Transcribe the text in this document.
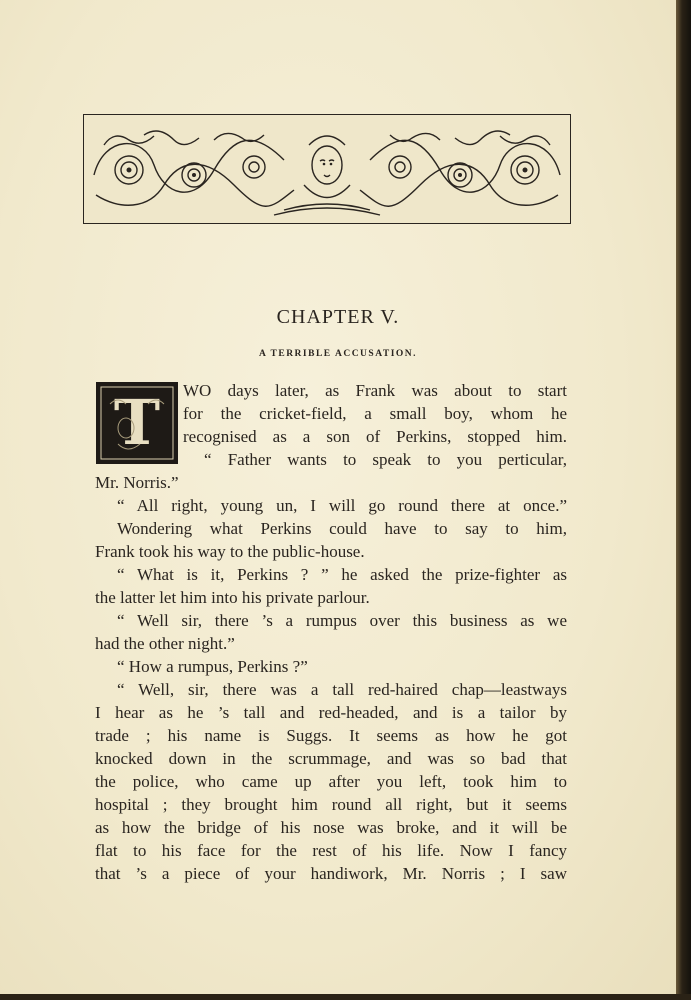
CHAPTER V.
A TERRIBLE ACCUSATION.
T WO days later, as Frank was about to start
for the cricket-field, a small boy, whom he
recognised as a son of Perkins, stopped him.
“ Father wants to speak to you perticular,
Mr. Norris.”
“ All right, young un, I will go round there at once.”
Wondering what Perkins could have to say to him,
Frank took his way to the public-house.
“ What is it, Perkins ? ” he asked the prize-fighter as
the latter let him into his private parlour.
“ Well sir, there ’s a rumpus over this business as we
had the other night.”
“ How a rumpus, Perkins ?”
“ Well, sir, there was a tall red-haired chap—leastways
I hear as he ’s tall and red-headed, and is a tailor by
trade ; his name is Suggs. It seems as how he got
knocked down in the scrummage, and was so bad that
the police, who came up after you left, took him to
hospital ; they brought him round all right, but it seems
as how the bridge of his nose was broke, and it will be
flat to his face for the rest of his life. Now I fancy
that ’s a piece of your handiwork, Mr. Norris ; I saw
